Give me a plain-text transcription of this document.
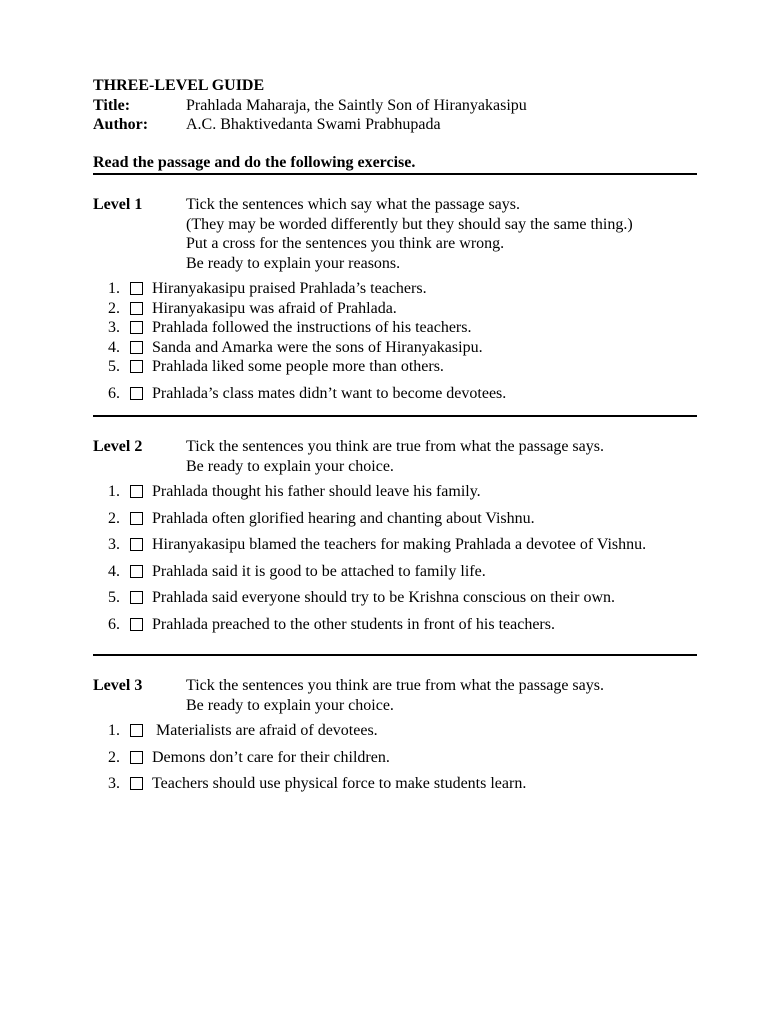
THREE-LEVEL GUIDE
Title:	Prahlada Maharaja, the Saintly Son of Hiranyakasipu
Author:	A.C. Bhaktivedanta Swami Prabhupada
Read the passage and do the following exercise.
Level 1	Tick the sentences which say what the passage says.
(They may be worded differently but they should say the same thing.)
Put a cross for the sentences you think are wrong.
Be ready to explain your reasons.
1.	Hiranyakasipu praised Prahlada’s teachers.
2.	Hiranyakasipu was afraid of Prahlada.
3.	Prahlada followed the instructions of his teachers.
4.	Sanda and Amarka were the sons of Hiranyakasipu.
5.	Prahlada liked some people more than others.
6.	Prahlada’s class mates didn’t want to become devotees.
Level 2	Tick the sentences you think are true from what the passage says.
Be ready to explain your choice.
1.	Prahlada thought his father should leave his family.
2.	Prahlada often glorified hearing and chanting about Vishnu.
3.	Hiranyakasipu blamed the teachers for making Prahlada a devotee of Vishnu.
4.	Prahlada said it is good to be attached to family life.
5.	Prahlada said everyone should try to be Krishna conscious on their own.
6.	Prahlada preached to the other students in front of his teachers.
Level 3	Tick the sentences you think are true from what the passage says.
Be ready to explain your choice.
1.	Materialists are afraid of devotees.
2.	Demons don’t care for their children.
3.	Teachers should use physical force to make students learn.
